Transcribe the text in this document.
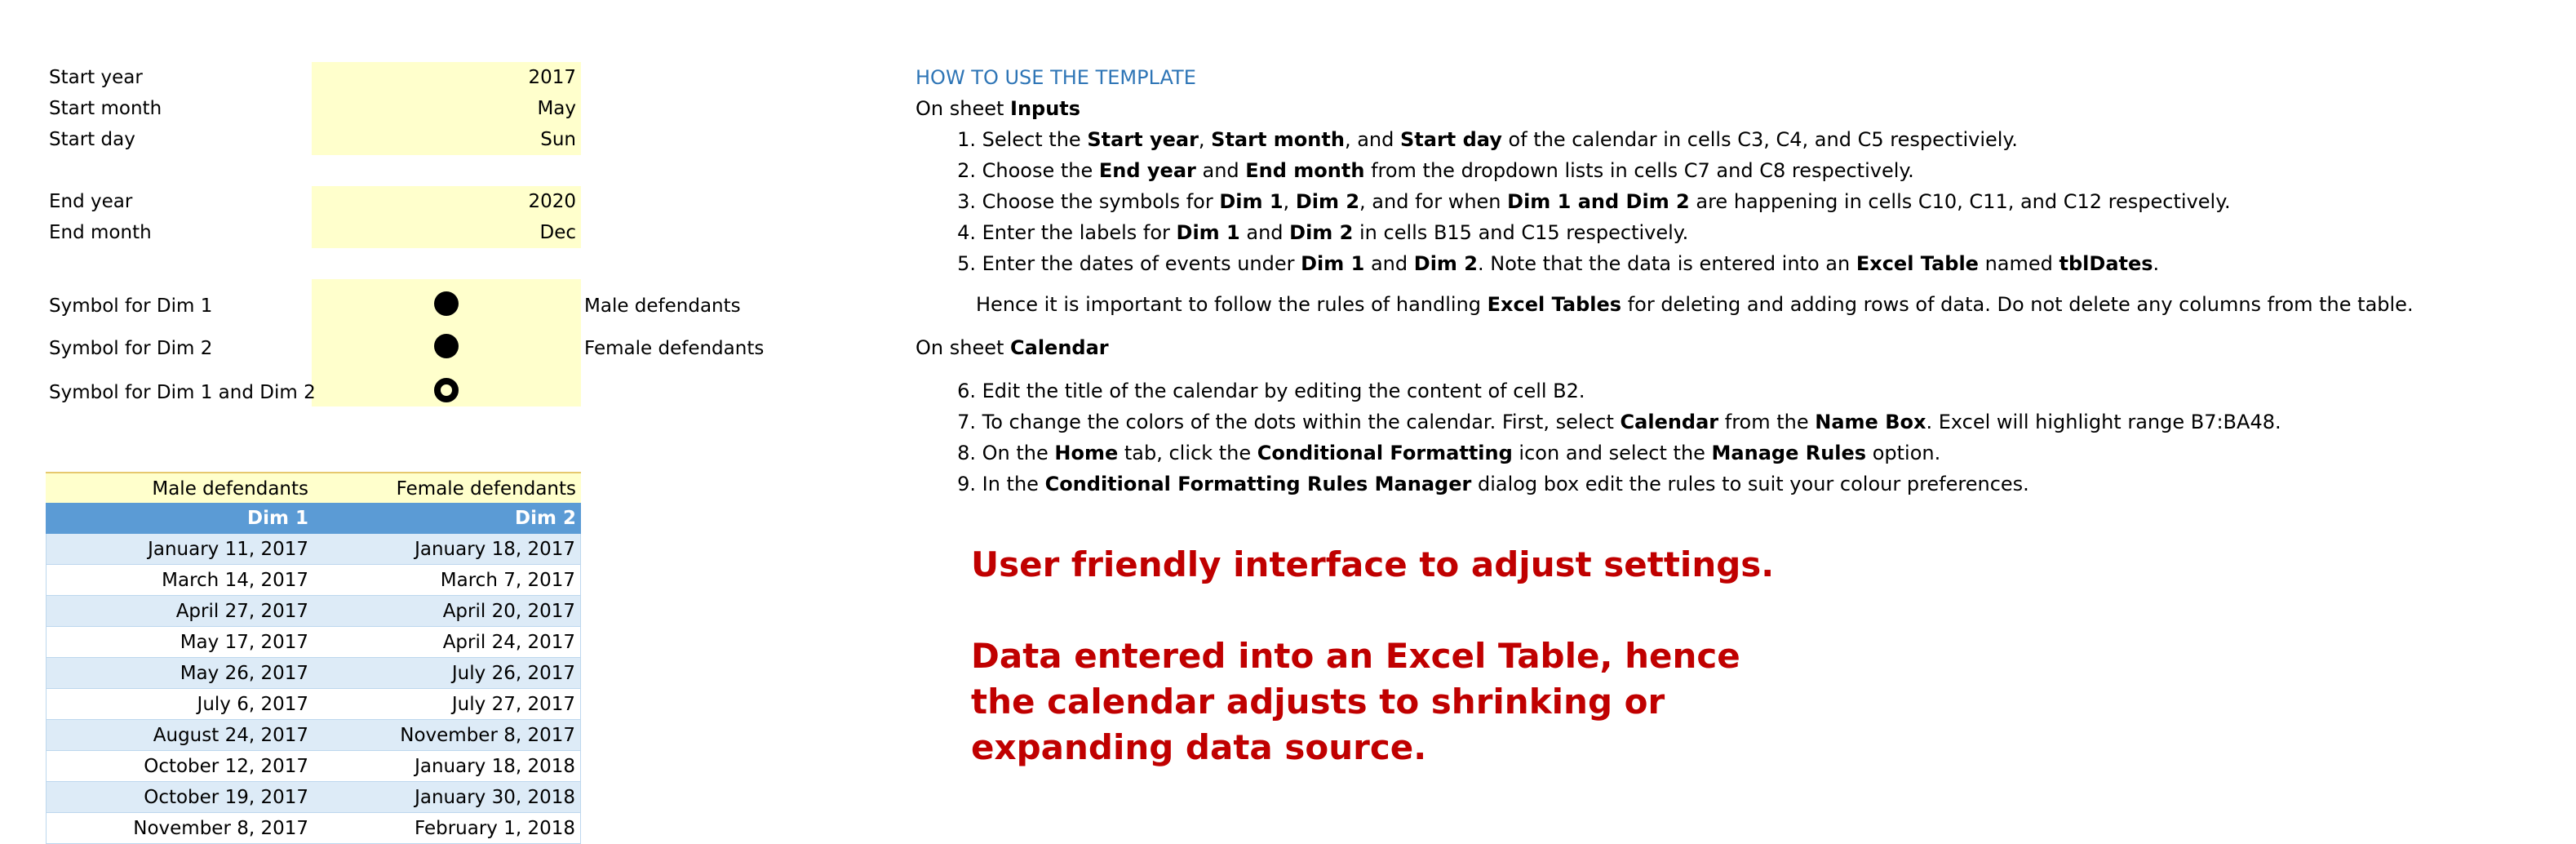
Start year	2017
Start month	May
Start day	Sun
End year	2020
End month	Dec
Symbol for Dim 1	Male defendants
Symbol for Dim 2	Female defendants
Symbol for Dim 1 and Dim 2
Male defendants	Female defendants
Dim 1	Dim 2
January 11, 2017	January 18, 2017
March 14, 2017	March 7, 2017
April 27, 2017	April 20, 2017
May 17, 2017	April 24, 2017
May 26, 2017	July 26, 2017
July 6, 2017	July 27, 2017
August 24, 2017	November 8, 2017
October 12, 2017	January 18, 2018
October 19, 2017	January 30, 2018
November 8, 2017	February 1, 2018
HOW TO USE THE TEMPLATE
On sheet Inputs
1. Select the Start year, Start month, and Start day of the calendar in cells C3, C4, and C5 respectiviely.
2. Choose the End year and End month from the dropdown lists in cells C7 and C8 respectively.
3. Choose the symbols for Dim 1, Dim 2, and for when Dim 1 and Dim 2 are happening in cells C10, C11, and C12 respectively.
4. Enter the labels for Dim 1 and Dim 2 in cells B15 and C15 respectively.
5. Enter the dates of events under Dim 1 and Dim 2. Note that the data is entered into an Excel Table named tblDates.
Hence it is important to follow the rules of handling Excel Tables for deleting and adding rows of data. Do not delete any columns from the table.
On sheet Calendar
6. Edit the title of the calendar by editing the content of cell B2.
7. To change the colors of the dots within the calendar. First, select Calendar from the Name Box. Excel will highlight range B7:BA48.
8. On the Home tab, click the Conditional Formatting icon and select the Manage Rules option.
9. In the Conditional Formatting Rules Manager dialog box edit the rules to suit your colour preferences.
User friendly interface to adjust settings.
Data entered into an Excel Table, hence
the calendar adjusts to shrinking or
expanding data source.
